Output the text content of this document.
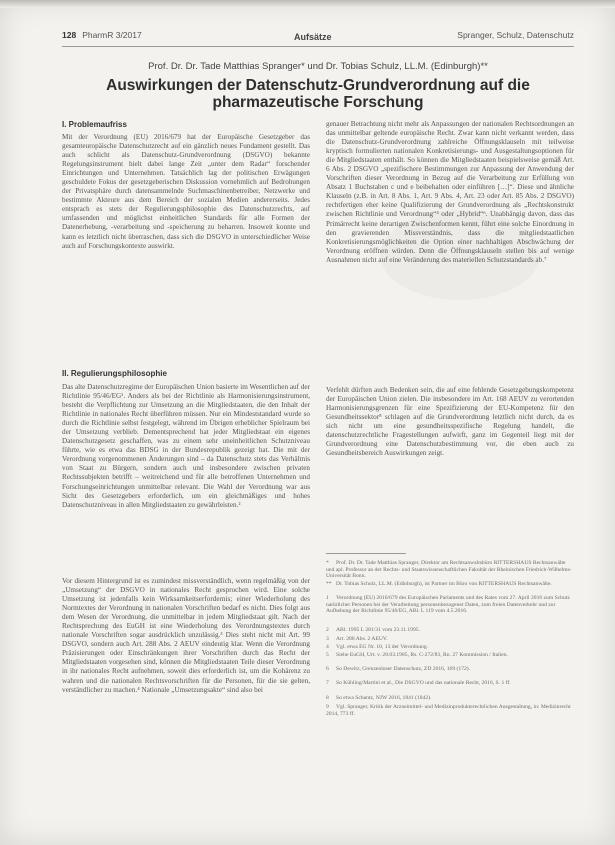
128 PharmR 3/2017	Aufsätze	Spranger, Schulz, Datenschutz
Prof. Dr. Dr. Tade Matthias Spranger* und Dr. Tobias Schulz, LL.M. (Edinburgh)**
Auswirkungen der Datenschutz-Grundverordnung auf die
pharmazeutische Forschung
I. Problemaufriss
Mit der Verordnung (EU) 2016/679 hat der Europäische Gesetzgeber das gesamteuropäische Datenschutzrecht auf ein gänzlich neues Fundament gestellt. Das auch schlicht als Datenschutz-Grundverordnung (DSGVO) bekannte Regelungsinstrument hielt dabei lange Zeit „unter dem Radar“ forschender Einrichtungen und Unternehmen. Tatsächlich lag der politischen Erwägungen geschuldete Fokus der gesetzgeberischen Diskussion vornehmlich auf Bedrohungen der Privatsphäre durch datensammelnde Suchmaschinenbetreiber, Netzwerke und bestimmte Akteure aus dem Bereich der sozialen Medien andererseits. Jedes entsprach es stets der Regulierungsphilosophie des Datenschutzrechts, auf umfassenden und möglichst einheitlichen Standards für alle Formen der Datenerhebung, -verarbeitung und -speicherung zu beharren. Insoweit konnte und kann es letztlich nicht überraschen, dass sich die DSGVO in unterschiedlicher Weise auch auf Forschungskontexte auswirkt.
II. Regulierungsphilosophie
Das alte Datenschutzregime der Europäischen Union basierte im Wesentlichen auf der Richtlinie 95/46/EG¹. Anders als bei der Richtlinie als Harmonisierungsinstrument, besteht die Verpflichtung zur Umsetzung an die Mitgliedstaaten, die den Inhalt der Richtlinie in nationales Recht überführen müssen. Nur ein Mindeststandard wurde so durch die Richtlinie selbst festgelegt, während im Übrigen erheblicher Spielraum bei der Umsetzung verblieb. Dementsprechend hat jeder Mitgliedstaat ein eigenes Datenschutzgesetz geschaffen, was zu einem sehr uneinheitlichen Schutzniveau führte, wie es etwa das BDSG in der Bundesrepublik gezeigt hat. Die mit der Verordnung vorgenommenen Änderungen sind – da Datenschutz stets das Verhältnis von Staat zu Bürgern, sondern auch und insbesondere zwischen privaten Rechtssubjekten betrifft – weitreichend und für alle betroffenen Unternehmen und Forschungseinrichtungen unmittelbar relevant. Die Wahl der Verordnung war aus Sicht des Gesetzgebers erforderlich, um ein gleichmäßiges und hohes Datenschutzniveau in allen Mitgliedstaaten zu gewährleisten.²
Vor diesem Hintergrund ist es zumindest missverständlich, wenn regelmäßig von der „Umsetzung“ der DSGVO in nationales Recht gesprochen wird. Eine solche Umsetzung ist jedenfalls kein Wirksamkeitserfordernis; einer Wiederholung des Normtextes der Verordnung in nationalen Vorschriften bedarf es nicht. Dies folgt aus dem Wesen der Verordnung, die unmittelbar in jedem Mitgliedstaat gilt. Nach der Rechtsprechung des EuGH ist eine Wiederholung des Verordnungstextes durch nationale Vorschriften sogar ausdrücklich unzulässig.³ Dies steht nicht mit Art. 99 DSGVO, sondern auch Art. 288 Abs. 2 AEUV eindeutig klar. Wenn die Verordnung Präzisierungen oder Einschränkungen ihrer Vorschriften durch das Recht der Mitgliedstaaten vorgesehen sind, können die Mitgliedstaaten Teile dieser Verordnung in ihr nationales Recht aufnehmen, soweit dies erforderlich ist, um die Kohärenz zu wahren und die nationalen Rechtsvorschriften für die Personen, für die sie gelten, verständlicher zu machen.⁴ Nationale „Umsetzungsakte“ sind also bei
genauer Betrachtung nicht mehr als Anpassungen der nationalen Rechtsordnungen an das unmittelbar geltende europäische Recht. Zwar kann nicht verkannt werden, dass die Datenschutz-Grundverordnung zahlreiche Öffnungsklauseln mit teilweise kryptisch formulierten nationalen Konkretisierungs- und Ausgestaltungsoptionen für die Mitgliedstaaten enthält. So können die Mitgliedstaaten beispielsweise gemäß Art. 6 Abs. 2 DSGVO „spezifischere Bestimmungen zur Anpassung der Anwendung der Vorschriften dieser Verordnung in Bezug auf die Verarbeitung zur Erfüllung von Absatz 1 Buchstaben c und e beibehalten oder einführen […]“. Diese und ähnliche Klauseln (z.B. in Art. 8 Abs. 1, Art. 9 Abs. 4, Art. 23 oder Art. 85 Abs. 2 DSGVO) rechtfertigen eher keine Qualifizierung der Grundverordnung als „Rechtskonstrukt zwischen Richtlinie und Verordnung“⁵ oder „Hybrid“⁶. Unabhängig davon, dass das Primärrecht keine derartigen Zwischenformen kennt, führt eine solche Einordnung in den gravierenden Missverständnis, dass die mitgliedstaatlichen Konkretisierungsmöglichkeiten die Option einer nachhaltigen Abschwächung der Verordnung eröffnen würden. Denn die Öffnungsklauseln stellen bis auf wenige Ausnahmen nicht auf eine Veränderung des materiellen Schutzstandards ab.⁷
Verfehlt dürften auch Bedenken sein, die auf eine fehlende Gesetzgebungskompetenz der Europäischen Union zielen. Die insbesondere im Art. 168 AEUV zu verortenden Harmonisierungsgrenzen für eine Spezifizierung der EU-Kompetenz für den Gesundheitssektor⁸ schlagen auf die Grundverordnung letztlich nicht durch, da es sich nicht um eine gesundheitsspezifische Regelung handelt, die datenschutzrechtliche Fragestellungen aufwirft, ganz im Gegenteil liegt mit der Grundverordnung eine Datenschutzbestimmung vor, die eben auch zu Gesundheitsbereich Auswirkungen zeigt.
* Prof. Dr. Dr. Tade Matthias Spranger, Direktor am Rechtsanwaltsbüro RITTERSHAUS Rechtsanwälte und apl. Professor an der Rechts- und Staatswissenschaftlichen Fakultät der Rheinischen Friedrich-Wilhelms-Universität Bonn.
** Dr. Tobias Schulz, LL.M. (Edinburgh), ist Partner im Büro von RITTERSHAUS Rechtsanwälte.
1 Verordnung (EU) 2016/679 des Europäischen Parlaments und des Rates vom 27. April 2016 zum Schutz natürlicher Personen bei der Verarbeitung personenbezogener Daten, zum freien Datenverkehr und zur Aufhebung der Richtlinie 95/46/EG, ABl. L 119 vom 4.5.2016.
2 ABl. 1995 L 281/31 vom 23.11.1995.
3 Art. 288 Abs. 2 AEUV.
4 Vgl. etwa EG Nr. 10, 13 der Verordnung.
5 Siehe EuGH, Urt. v. 28.03.1985, Rs. C-272/83, Rn. 27 Kommission / Italien.
6 So Dewitz, Grenzenloser Datenschutz, ZD 2016, 169 (172).
7 So Kühling/Martini et al., Die DSGVO und das nationale Recht, 2016, S. 1 ff.
8 So etwa Schantz, NJW 2016, 1841 (1842).
9 Vgl. Spranger, Kritik der Arzneimittel- und Medizinprodukterechtlichen Ausgestaltung, in: Medizinrecht 2014, 773 ff.
